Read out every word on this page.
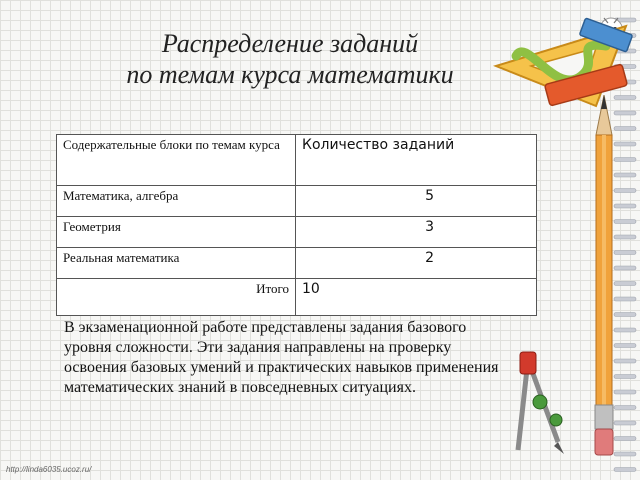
Распределение заданий
по темам курса математики
Содержательные блоки по темам курса	Количество заданий
Математика, алгебра	5
Геометрия	3
Реальная математика	2
Итого	10

В экзаменационной работе представлены задания базового уровня сложности. Эти задания направлены на проверку освоения базовых умений и практических навыков применения математических знаний в повседневных ситуациях.

http://linda6035.ucoz.ru/
